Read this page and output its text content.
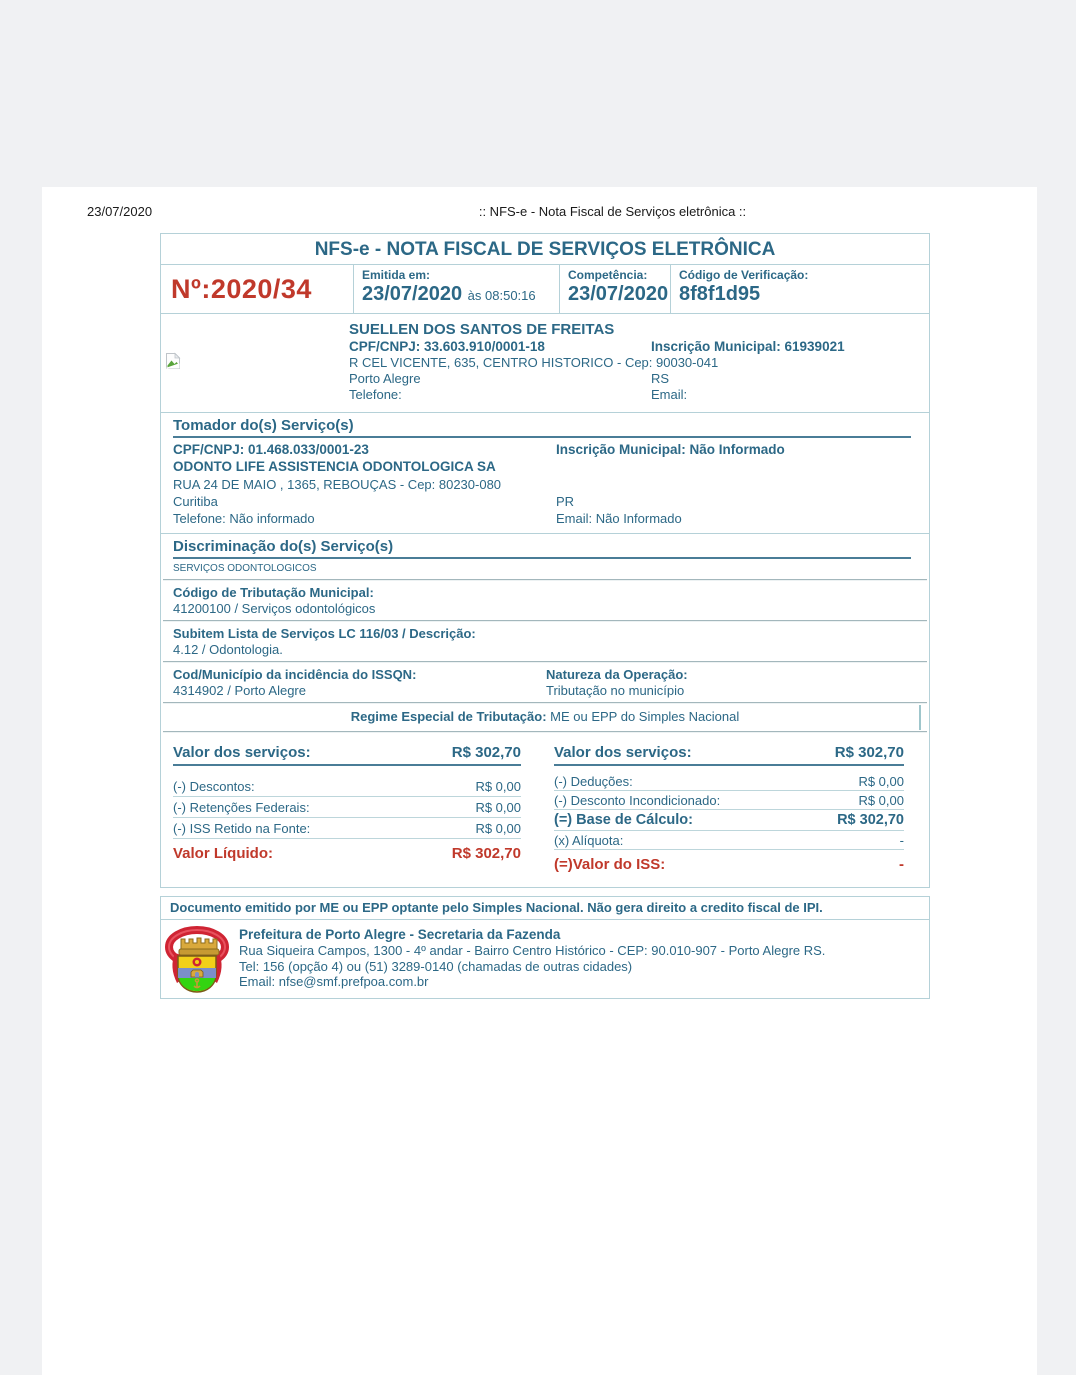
23/07/2020	:: NFS-e - Nota Fiscal de Serviços eletrônica ::
NFS-e - NOTA FISCAL DE SERVIÇOS ELETRÔNICA
Nº:2020/34	Emitida em:
23/07/2020 às 08:50:16
Competência:
23/07/2020
Código de Verificação:
8f8f1d95
SUELLEN DOS SANTOS DE FREITAS
CPF/CNPJ: 33.603.910/0001-18	Inscrição Municipal: 61939021
R CEL VICENTE, 635, CENTRO HISTORICO - Cep: 90030-041
Porto Alegre	RS
Telefone:	Email:
Tomador do(s) Serviço(s)
CPF/CNPJ: 01.468.033/0001-23	Inscrição Municipal: Não Informado
ODONTO LIFE ASSISTENCIA ODONTOLOGICA SA
RUA 24 DE MAIO , 1365, REBOUÇAS - Cep: 80230-080
Curitiba	PR
Telefone: Não informado	Email: Não Informado
Discriminação do(s) Serviço(s)
SERVIÇOS ODONTOLOGICOS
Código de Tributação Municipal:
41200100 / Serviços odontológicos
Subitem Lista de Serviços LC 116/03 / Descrição:
4.12 / Odontologia.
Cod/Município da incidência do ISSQN:
4314902 / Porto Alegre
Natureza da Operação:
Tributação no município
Regime Especial de Tributação: ME ou EPP do Simples Nacional
Valor dos serviços:	R$ 302,70
(-) Descontos:	R$ 0,00
(-) Retenções Federais:	R$ 0,00
(-) ISS Retido na Fonte:	R$ 0,00
Valor Líquido:	R$ 302,70
Valor dos serviços:	R$ 302,70
(-) Deduções:	R$ 0,00
(-) Desconto Incondicionado:	R$ 0,00
(=) Base de Cálculo:	R$ 302,70
(x) Alíquota:	-
(=)Valor do ISS:	-
Documento emitido por ME ou EPP optante pelo Simples Nacional. Não gera direito a credito fiscal de IPI.
Prefeitura de Porto Alegre - Secretaria da Fazenda
Rua Siqueira Campos, 1300 - 4º andar - Bairro Centro Histórico - CEP: 90.010-907 - Porto Alegre RS.
Tel: 156 (opção 4) ou (51) 3289-0140 (chamadas de outras cidades)
Email: nfse@smf.prefpoa.com.br
